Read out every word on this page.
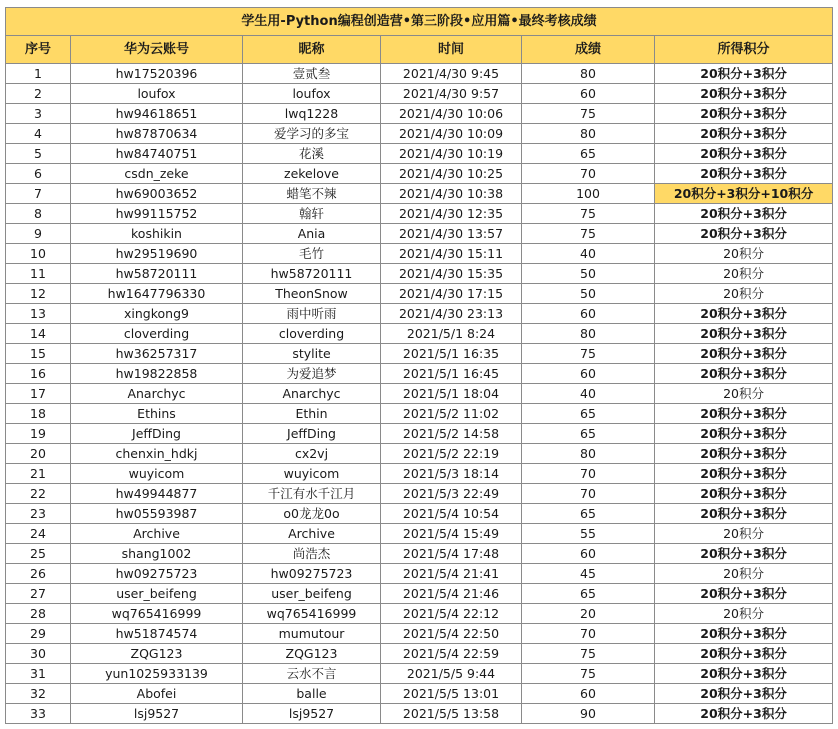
学生用-Python编程创造营•第三阶段•应用篇•最终考核成绩					
序号	华为云账号	昵称	时间	成绩	所得积分
1	hw17520396	壹贰叁	2021/4/30 9:45	80	20积分+3积分
2	loufox	loufox	2021/4/30 9:57	60	20积分+3积分
3	hw94618651	lwq1228	2021/4/30 10:06	75	20积分+3积分
4	hw87870634	爱学习的多宝	2021/4/30 10:09	80	20积分+3积分
5	hw84740751	花溪	2021/4/30 10:19	65	20积分+3积分
6	csdn_zeke	zekelove	2021/4/30 10:25	70	20积分+3积分
7	hw69003652	蜡笔不辣	2021/4/30 10:38	100	20积分+3积分+10积分
8	hw99115752	翰轩	2021/4/30 12:35	75	20积分+3积分
9	koshikin	Ania	2021/4/30 13:57	75	20积分+3积分
10	hw29519690	毛竹	2021/4/30 15:11	40	20积分
11	hw58720111	hw58720111	2021/4/30 15:35	50	20积分
12	hw1647796330	TheonSnow	2021/4/30 17:15	50	20积分
13	xingkong9	雨中听雨	2021/4/30 23:13	60	20积分+3积分
14	cloverding	cloverding	2021/5/1 8:24	80	20积分+3积分
15	hw36257317	stylite	2021/5/1 16:35	75	20积分+3积分
16	hw19822858	为爱追梦	2021/5/1 16:45	60	20积分+3积分
17	Anarchyc	Anarchyc	2021/5/1 18:04	40	20积分
18	Ethins	Ethin	2021/5/2 11:02	65	20积分+3积分
19	JeffDing	JeffDing	2021/5/2 14:58	65	20积分+3积分
20	chenxin_hdkj	cx2vj	2021/5/2 22:19	80	20积分+3积分
21	wuyicom	wuyicom	2021/5/3 18:14	70	20积分+3积分
22	hw49944877	千江有水千江月	2021/5/3 22:49	70	20积分+3积分
23	hw05593987	o0龙龙0o	2021/5/4 10:54	65	20积分+3积分
24	Archive	Archive	2021/5/4 15:49	55	20积分
25	shang1002	尚浩杰	2021/5/4 17:48	60	20积分+3积分
26	hw09275723	hw09275723	2021/5/4 21:41	45	20积分
27	user_beifeng	user_beifeng	2021/5/4 21:46	65	20积分+3积分
28	wq765416999	wq765416999	2021/5/4 22:12	20	20积分
29	hw51874574	mumutour	2021/5/4 22:50	70	20积分+3积分
30	ZQG123	ZQG123	2021/5/4 22:59	75	20积分+3积分
31	yun1025933139	云水不言	2021/5/5 9:44	75	20积分+3积分
32	Abofei	balle	2021/5/5 13:01	60	20积分+3积分
33	lsj9527	lsj9527	2021/5/5 13:58	90	20积分+3积分
